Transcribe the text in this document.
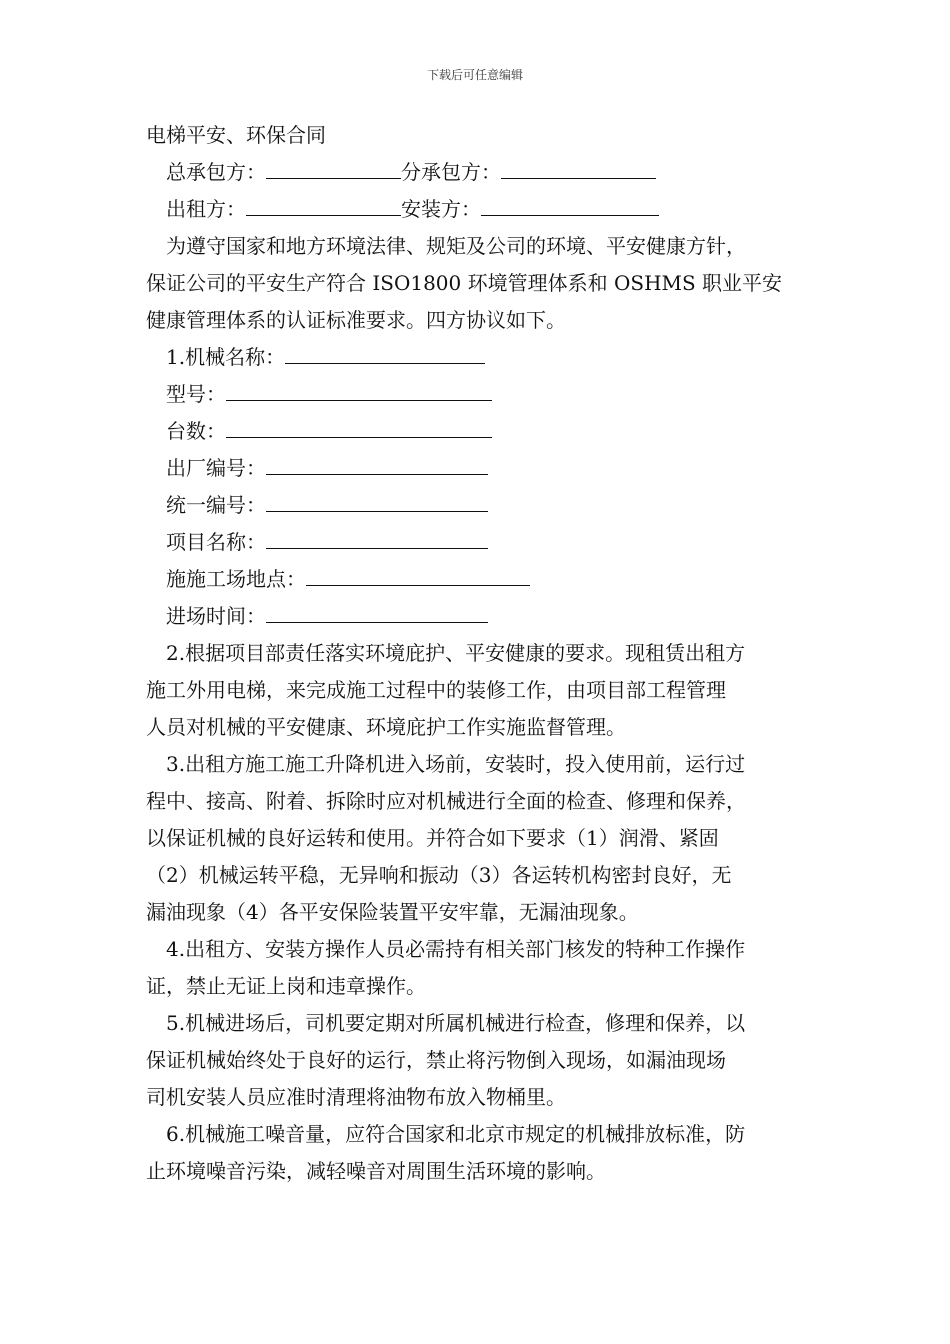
下载后可任意编辑
电梯平安、环保合同
总承包方：	分承包方：
出租方：	安装方：
为遵守国家和地方环境法律、规矩及公司的环境、平安健康方针，
保证公司的平安生产符合 ISO1800 环境管理体系和 OSHMS 职业平安
健康管理体系的认证标准要求。四方协议如下。
1.机械名称：
型号：
台数：
出厂编号：
统一编号：
项目名称：
施施工场地点：
进场时间：
2.根据项目部责任落实环境庇护、平安健康的要求。现租赁出租方
施工外用电梯，来完成施工过程中的装修工作，由项目部工程管理
人员对机械的平安健康、环境庇护工作实施监督管理。
3.出租方施工施工升降机进入场前，安装时，投入使用前，运行过
程中、接高、附着、拆除时应对机械进行全面的检查、修理和保养，
以保证机械的良好运转和使用。并符合如下要求（1）润滑、紧固
（2）机械运转平稳，无异响和振动（3）各运转机构密封良好，无
漏油现象（4）各平安保险装置平安牢靠，无漏油现象。
4.出租方、安装方操作人员必需持有相关部门核发的特种工作操作
证，禁止无证上岗和违章操作。
5.机械进场后，司机要定期对所属机械进行检查，修理和保养，以
保证机械始终处于良好的运行，禁止将污物倒入现场，如漏油现场
司机安装人员应准时清理将油物布放入物桶里。
6.机械施工噪音量，应符合国家和北京市规定的机械排放标准，防
止环境噪音污染，减轻噪音对周围生活环境的影响。
